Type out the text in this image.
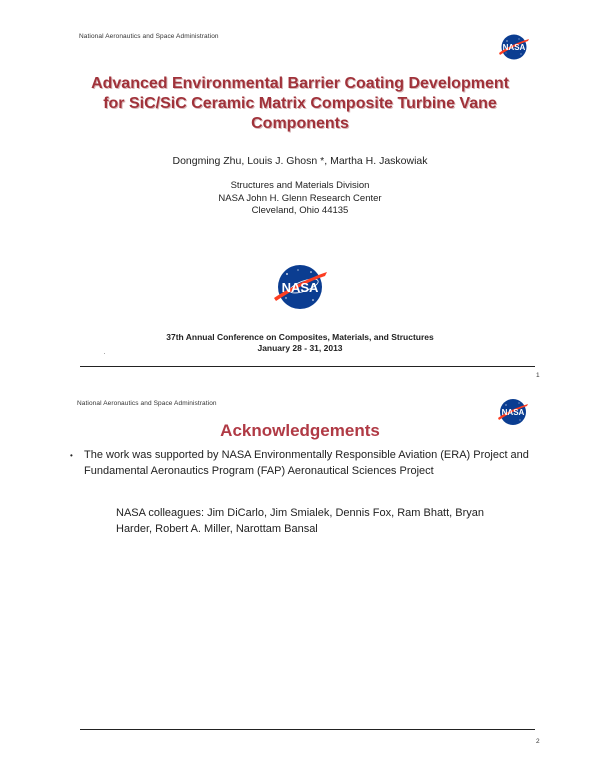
National Aeronautics and Space Administration
NASA
Advanced Environmental Barrier Coating Development
for SiC/SiC Ceramic Matrix Composite Turbine Vane
Components
Dongming Zhu, Louis J. Ghosn *, Martha H. Jaskowiak
Structures and Materials Division
NASA John H. Glenn Research Center
Cleveland, Ohio 44135
NASA
37th Annual Conference on Composites, Materials, and Structures
January 28 - 31, 2013
1
National Aeronautics and Space Administration
NASA
Acknowledgements
• The work was supported by NASA Environmentally Responsible Aviation (ERA) Project and Fundamental Aeronautics Program (FAP) Aeronautical Sciences Project
NASA colleagues: Jim DiCarlo, Jim Smialek, Dennis Fox, Ram Bhatt, Bryan Harder, Robert A. Miller, Narottam Bansal
2
